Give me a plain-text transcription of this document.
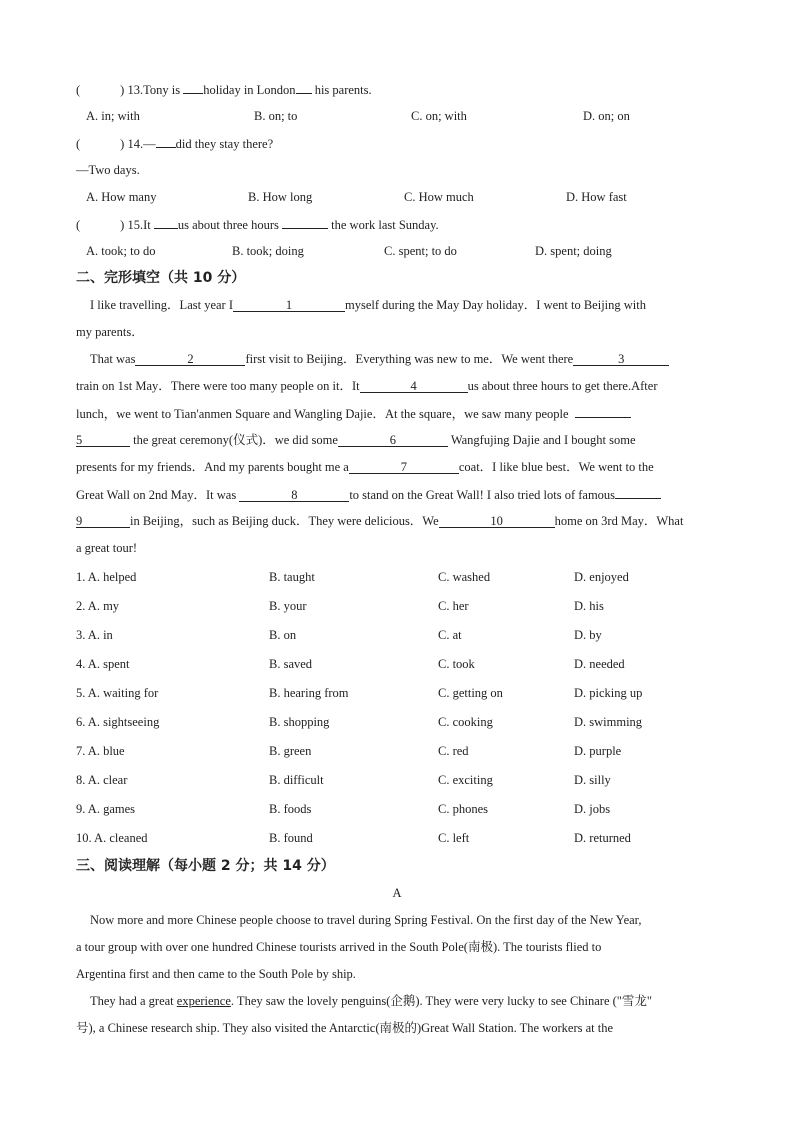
(	) 13.Tony is holiday in London his parents.
A. in; with	B. on; to	C. on; with	D. on; on
(	) 14.— did they stay there?
—Two days.
A. How many	B. How long	C. How much	D. How fast
(	) 15.It us about three hours	the work last Sunday.
A. took; to do	B. took; doing	C. spent; to do	D. spent; doing
二、完形填空（共 10 分）
I like travelling．Last year I	1	myself during the May Day holiday．I went to Beijing with
my parents．
That was	2	first visit to Beijing．Everything was new to me．We went there	3
train on 1st May．There were too many people on it．It	4	us about three hours to get there.After
lunch，we went to Tian'anmen Square and Wangling Dajie．At the square，we saw many people
5	the great ceremony(仪式)．we did some	6	Wangfujing Dajie and I bought some
presents for my friends．And my parents bought me a	7	coat．I like blue best．We went to the
Great Wall on 2nd May．It was	8	to stand on the Great Wall! I also tried lots of famous
9	in Beijing，such as Beijing duck．They were delicious．We	10	home on 3rd May．What
a great tour!
1. A. helped	B. taught	C. washed	D. enjoyed
2. A. my	B. your	C. her	D. his
3. A. in	B. on	C. at	D. by
4. A. spent	B. saved	C. took	D. needed
5. A. waiting for	B. hearing from	C. getting on	D. picking up
6. A. sightseeing	B. shopping	C. cooking	D. swimming
7. A. blue	B. green	C. red	D. purple
8. A. clear	B. difficult	C. exciting	D. silly
9. A. games	B. foods	C. phones	D. jobs
10. A. cleaned	B. found	C. left	D. returned
三、阅读理解（每小题 2 分；共 14 分）
A
Now more and more Chinese people choose to travel during Spring Festival. On the first day of the New Year,
a tour group with over one hundred Chinese tourists arrived in the South Pole(南极). The tourists flied to
Argentina first and then came to the South Pole by ship.
They had a great experience. They saw the lovely penguins(企鹅). They were very lucky to see Chinare ("雪龙"
号), a Chinese research ship. They also visited the Antarctic(南极的)Great Wall Station. The workers at the
